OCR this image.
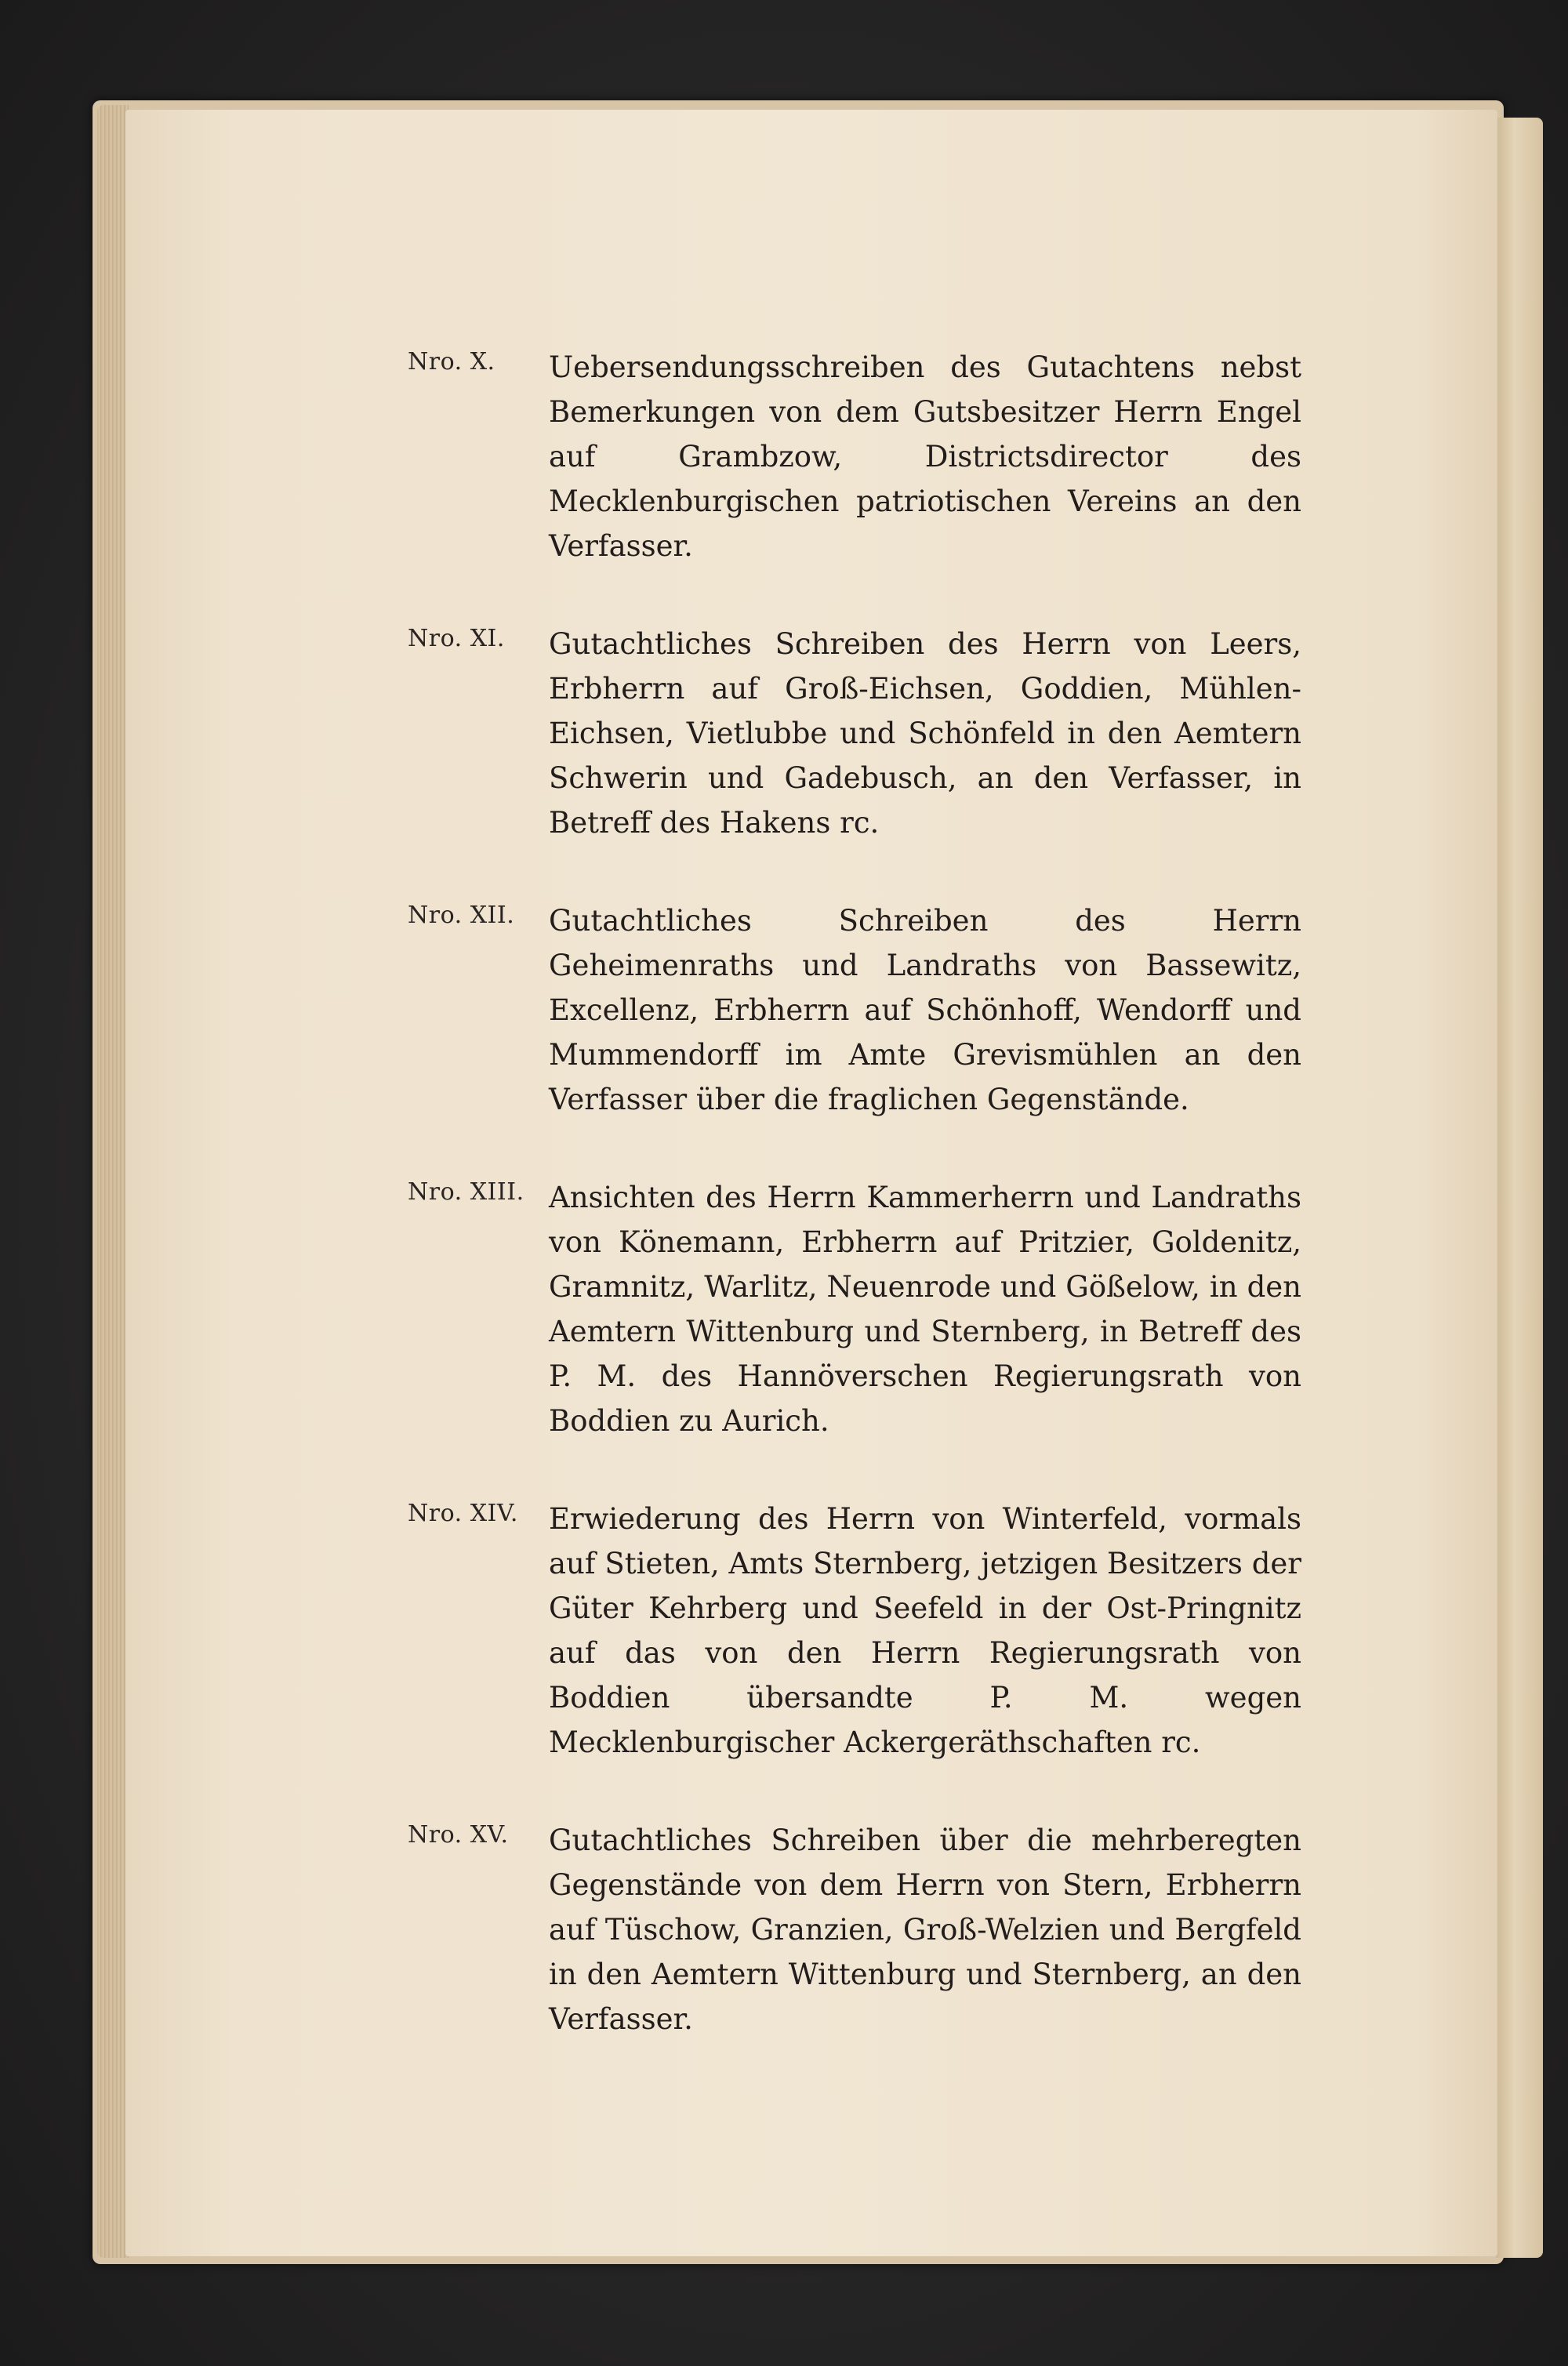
Nro. X.	Uebersendungsschreiben des Gutachtens nebst Bemerkungen von dem Gutsbesitzer Herrn Engel auf Grambzow, Districtsdirector des Mecklenburgischen patriotischen Vereins an den Verfasser.
Nro. XI.	Gutachtliches Schreiben des Herrn von Leers, Erbherrn auf Groß-Eichsen, Goddien, Mühlen-Eichsen, Vietlubbe und Schönfeld in den Aemtern Schwerin und Gadebusch, an den Verfasser, in Betreff des Hakens rc.
Nro. XII.	Gutachtliches Schreiben des Herrn Geheimenraths und Landraths von Bassewitz, Excellenz, Erbherrn auf Schönhoff, Wendorff und Mummendorff im Amte Grevismühlen an den Verfasser über die fraglichen Gegenstände.
Nro. XIII. Ansichten des Herrn Kammerherrn und Landraths von Könemann, Erbherrn auf Pritzier, Goldenitz, Gramnitz, Warlitz, Neuenrode und Gößelow, in den Aemtern Wittenburg und Sternberg, in Betreff des P. M. des Hannöverschen Regierungsrath von Boddien zu Aurich.
Nro. XIV.	Erwiederung des Herrn von Winterfeld, vormals auf Stieten, Amts Sternberg, jetzigen Besitzers der Güter Kehrberg und Seefeld in der Ost-Pringnitz auf das von den Herrn Regierungsrath von Boddien übersandte P. M. wegen Mecklenburgischer Ackergeräthschaften rc.
Nro. XV.	Gutachtliches Schreiben über die mehrberegten Gegenstände von dem Herrn von Stern, Erbherrn auf Tüschow, Granzien, Groß-Welzien und Bergfeld in den Aemtern Wittenburg und Sternberg, an den Verfasser.
